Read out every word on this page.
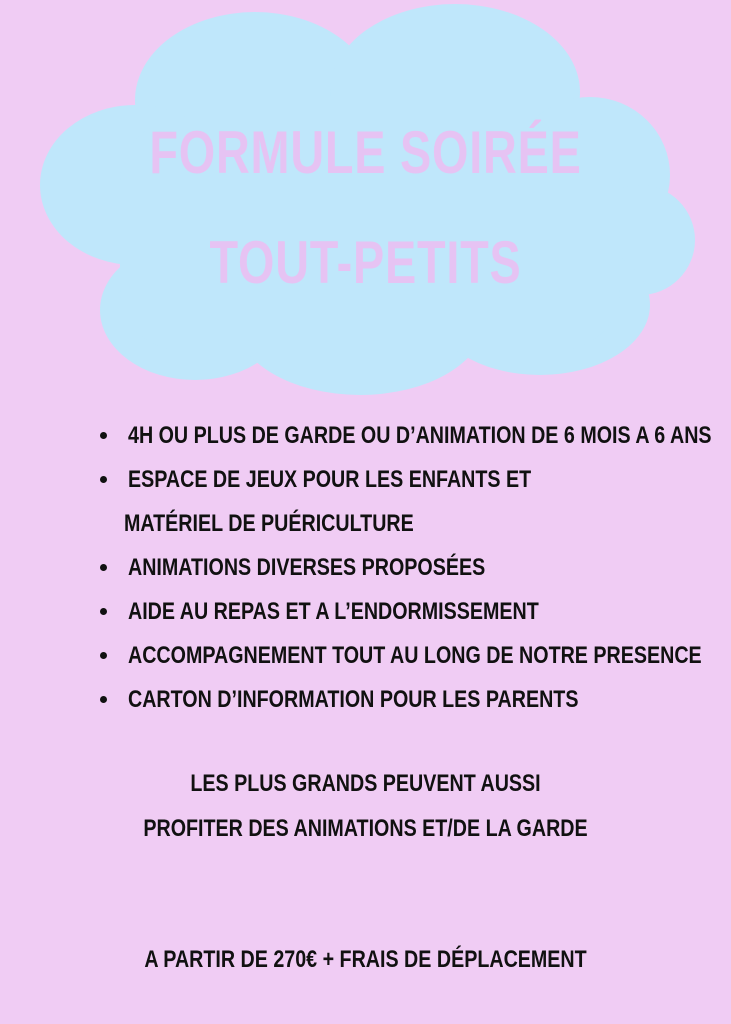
FORMULE SOIRÉE
TOUT-PETITS
4H OU PLUS DE GARDE OU D’ANIMATION DE 6 MOIS A 6 ANS
ESPACE DE JEUX POUR LES ENFANTS ET
MATÉRIEL DE PUÉRICULTURE
ANIMATIONS DIVERSES PROPOSÉES
AIDE AU REPAS ET A L’ENDORMISSEMENT
ACCOMPAGNEMENT TOUT AU LONG DE NOTRE PRESENCE
CARTON D’INFORMATION POUR LES PARENTS
LES PLUS GRANDS PEUVENT AUSSI
PROFITER DES ANIMATIONS ET/DE LA GARDE
A PARTIR DE 270€ + FRAIS DE DÉPLACEMENT
